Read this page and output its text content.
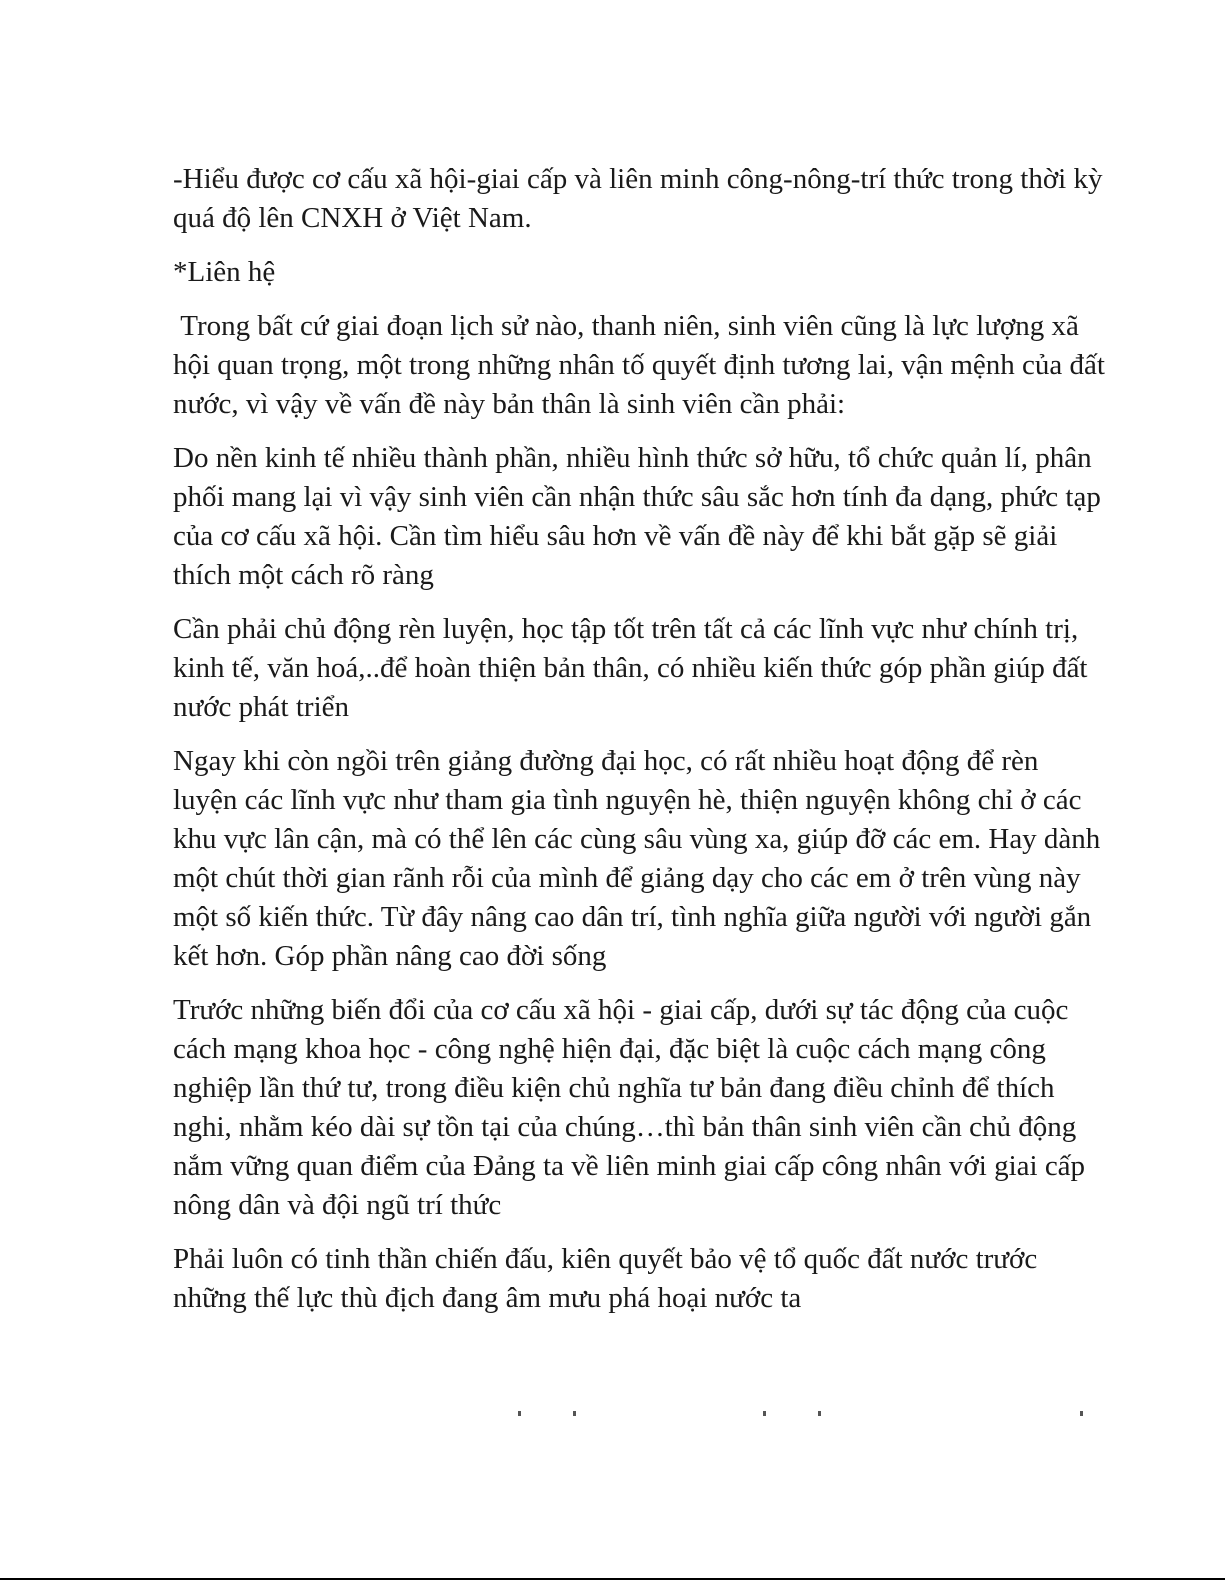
-Hiểu được cơ cấu xã hội-giai cấp và liên minh công-nông-trí thức trong thời kỳ quá độ lên CNXH ở Việt Nam.

*Liên hệ

Trong bất cứ giai đoạn lịch sử nào, thanh niên, sinh viên cũng là lực lượng xã hội quan trọng, một trong những nhân tố quyết định tương lai, vận mệnh của đất nước, vì vậy về vấn đề này bản thân là sinh viên cần phải:

Do nền kinh tế nhiều thành phần, nhiều hình thức sở hữu, tổ chức quản lí, phân phối mang lại vì vậy sinh viên cần nhận thức sâu sắc hơn tính đa dạng, phức tạp của cơ cấu xã hội. Cần tìm hiểu sâu hơn về vấn đề này để khi bắt gặp sẽ giải thích một cách rõ ràng

Cần phải chủ động rèn luyện, học tập tốt trên tất cả các lĩnh vực như chính trị, kinh tế, văn hoá,..để hoàn thiện bản thân, có nhiều kiến thức góp phần giúp đất nước phát triển

Ngay khi còn ngồi trên giảng đường đại học, có rất nhiều hoạt động để rèn luyện các lĩnh vực như tham gia tình nguyện hè, thiện nguyện không chỉ ở các khu vực lân cận, mà có thể lên các cùng sâu vùng xa, giúp đỡ các em. Hay dành một chút thời gian rãnh rỗi của mình để giảng dạy cho các em ở trên vùng này một số kiến thức. Từ đây nâng cao dân trí, tình nghĩa giữa người với người gắn kết hơn. Góp phần nâng cao đời sống

Trước những biến đổi của cơ cấu xã hội - giai cấp, dưới sự tác động của cuộc cách mạng khoa học - công nghệ hiện đại, đặc biệt là cuộc cách mạng công nghiệp lần thứ tư, trong điều kiện chủ nghĩa tư bản đang điều chỉnh để thích nghi, nhằm kéo dài sự tồn tại của chúng…thì bản thân sinh viên cần chủ động nắm vững quan điểm của Đảng ta về liên minh giai cấp công nhân với giai cấp nông dân và đội ngũ trí thức

Phải luôn có tinh thần chiến đấu, kiên quyết bảo vệ tổ quốc đất nước trước những thế lực thù địch đang âm mưu phá hoại nước ta
